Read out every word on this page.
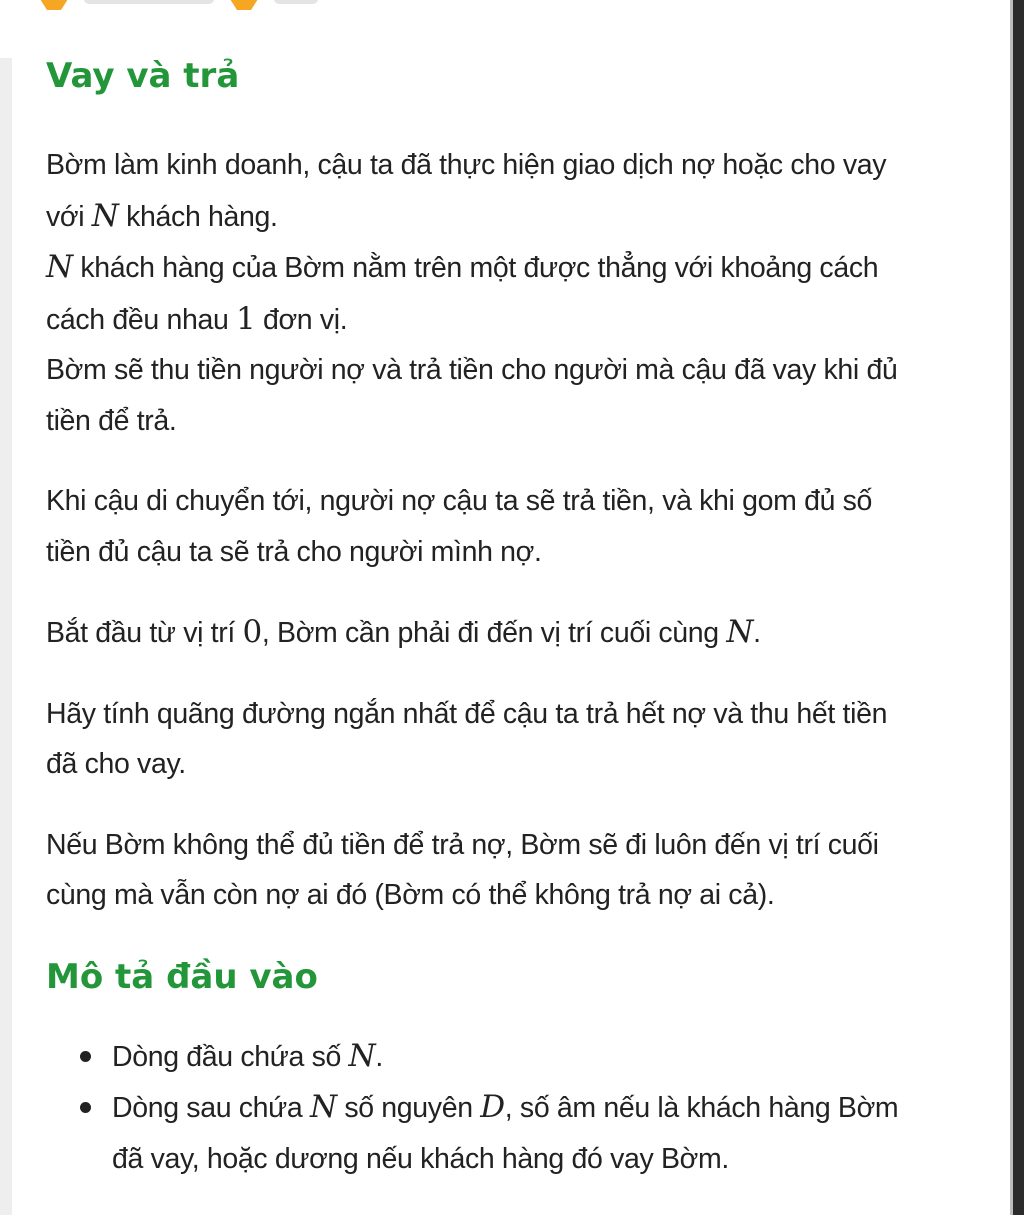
Vay và trả

Bờm làm kinh doanh, cậu ta đã thực hiện giao dịch nợ hoặc cho vay
với N khách hàng.
N khách hàng của Bờm nằm trên một được thẳng với khoảng cách
cách đều nhau 1 đơn vị.
Bờm sẽ thu tiền người nợ và trả tiền cho người mà cậu đã vay khi đủ
tiền để trả.

Khi cậu di chuyển tới, người nợ cậu ta sẽ trả tiền, và khi gom đủ số
tiền đủ cậu ta sẽ trả cho người mình nợ.

Bắt đầu từ vị trí 0, Bờm cần phải đi đến vị trí cuối cùng N.

Hãy tính quãng đường ngắn nhất để cậu ta trả hết nợ và thu hết tiền
đã cho vay.

Nếu Bờm không thể đủ tiền để trả nợ, Bờm sẽ đi luôn đến vị trí cuối
cùng mà vẫn còn nợ ai đó (Bờm có thể không trả nợ ai cả).

Mô tả đầu vào
Dòng đầu chứa số N.
Dòng sau chứa N số nguyên D, số âm nếu là khách hàng Bờm
đã vay, hoặc dương nếu khách hàng đó vay Bờm.
